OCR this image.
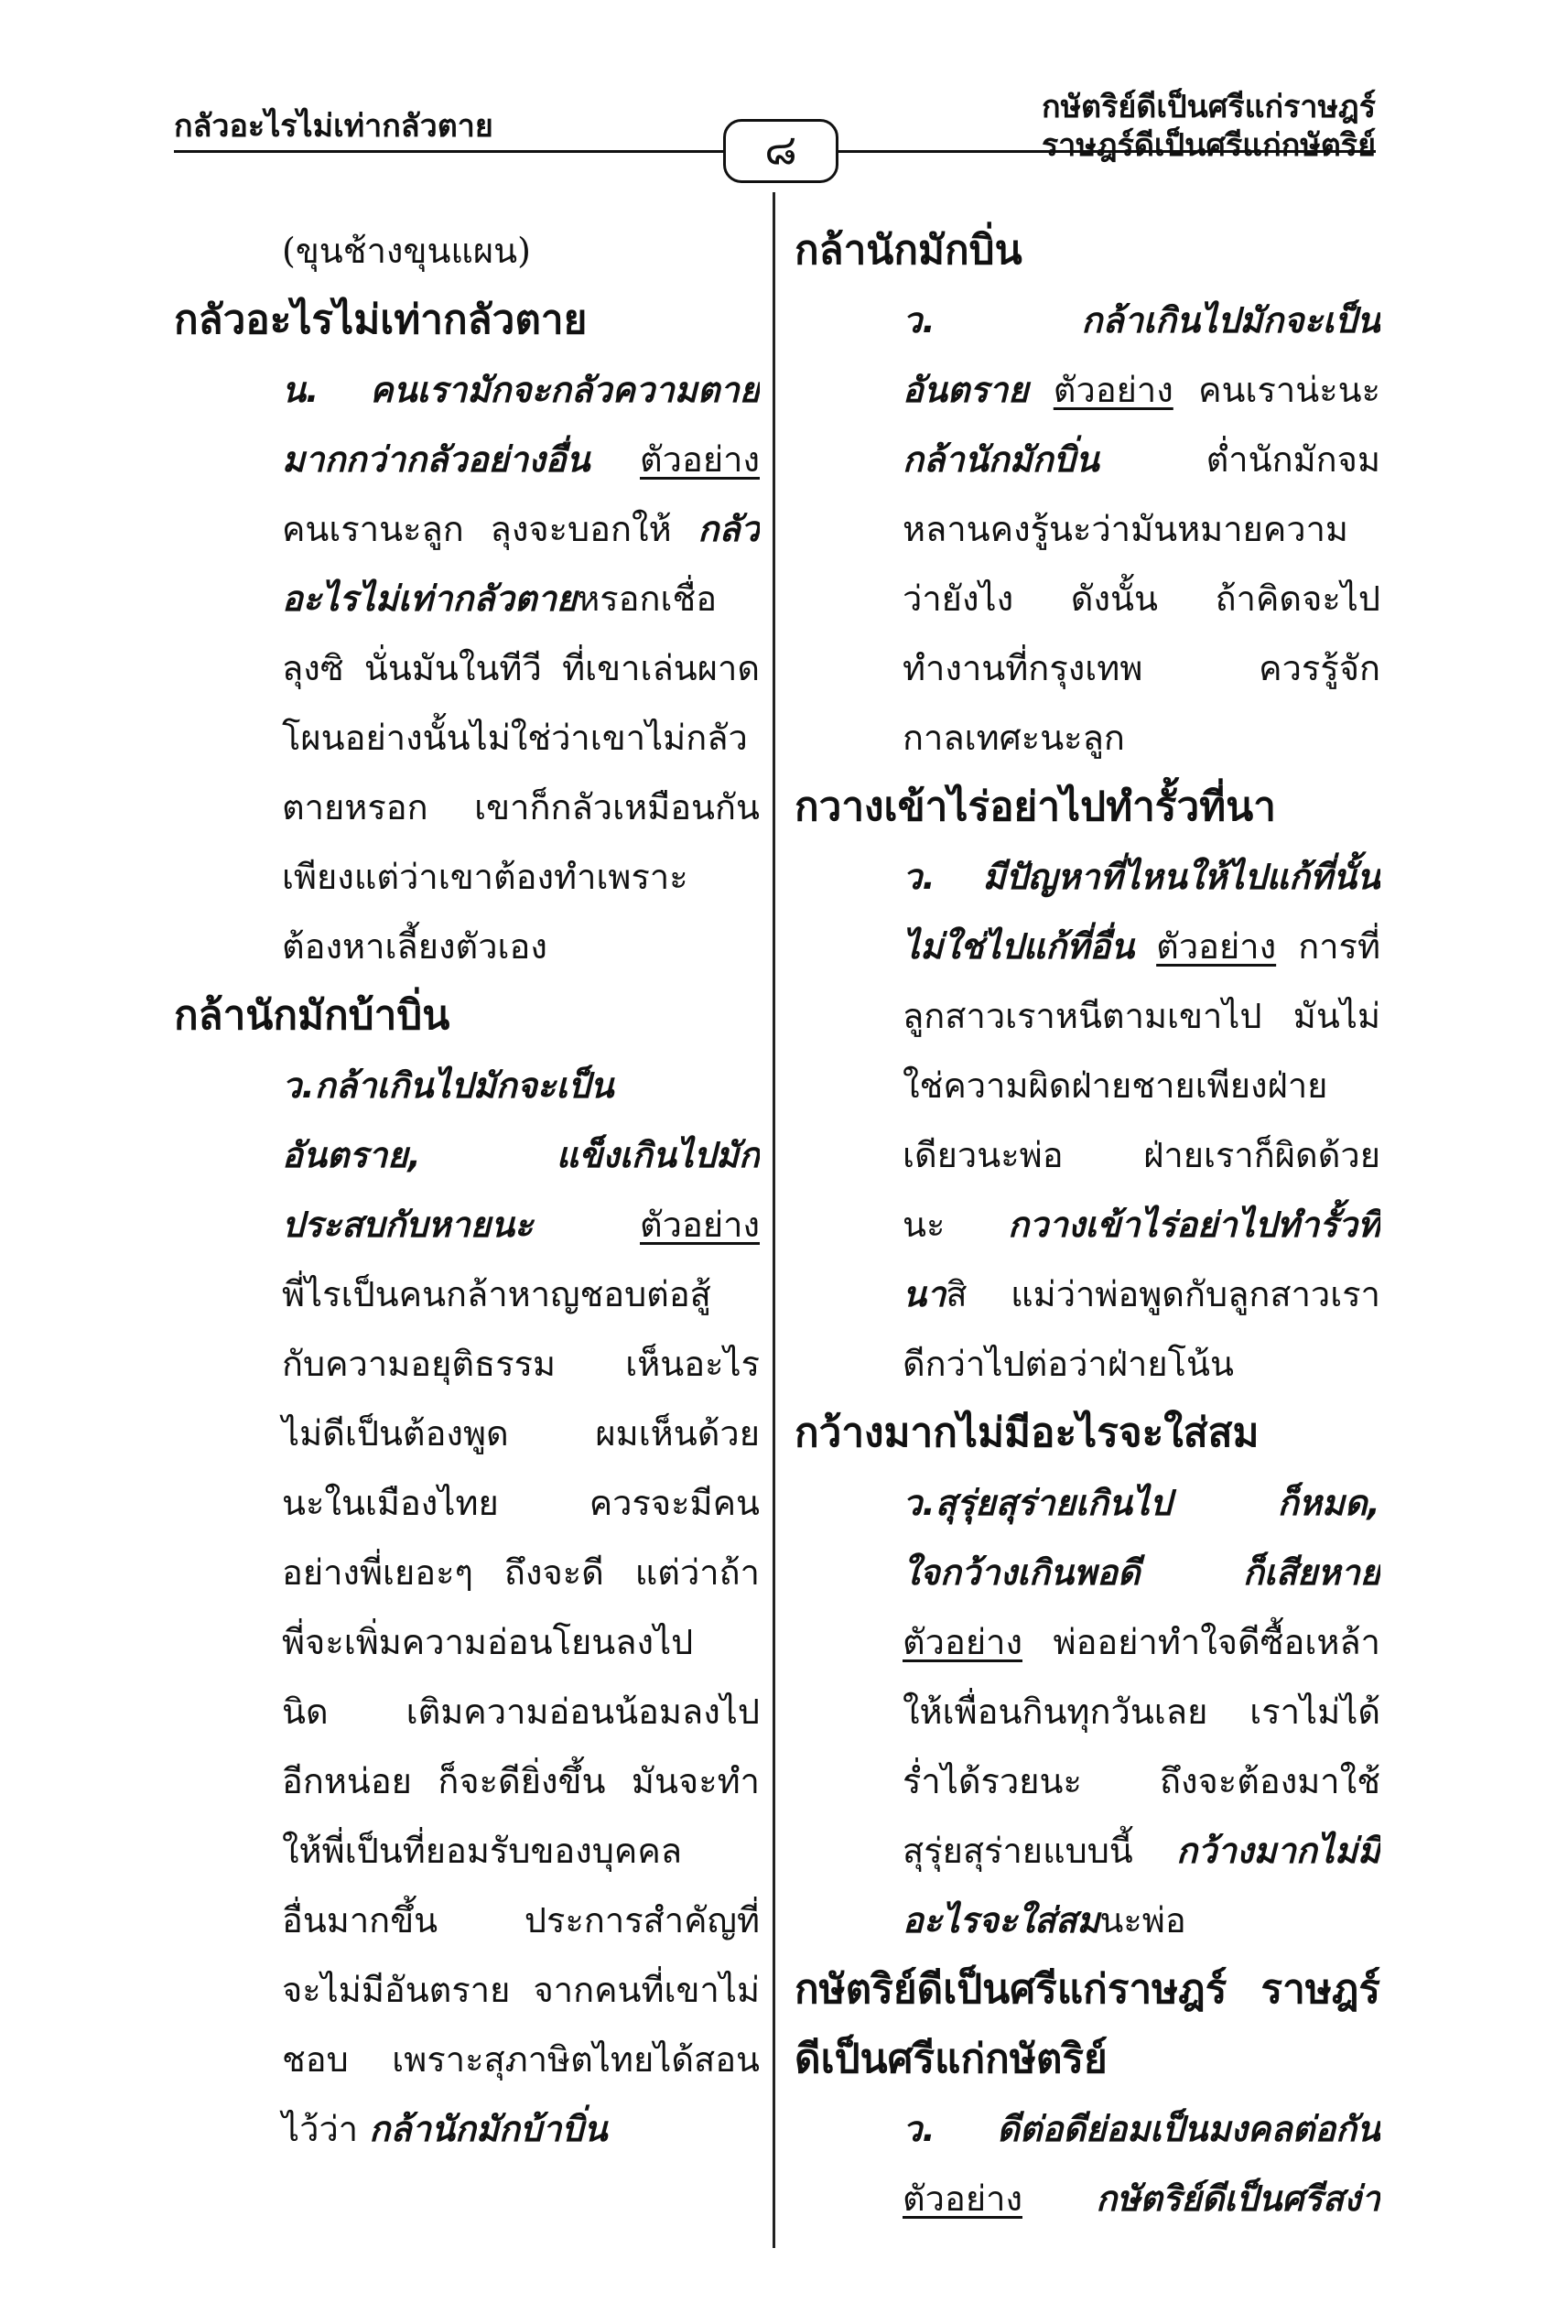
กลัวอะไรไม่เท่ากลัวตาย	๘
กษัตริย์ดีเป็นศรีแก่ราษฎร์
ราษฎร์ดีเป็นศรีแก่กษัตริย์
(ขุนช้างขุนแผน)
กลัวอะไรไม่เท่ากลัวตาย
น. คนเรามักจะกลัวความตาย
มากกว่ากลัวอย่างอื่น ตัวอย่าง
คนเรานะลูก ลุงจะบอกให้ กลัว
อะไรไม่เท่ากลัวตายหรอกเชื่อ
ลุงซิ นั่นมันในทีวี ที่เขาเล่นผาด
โผนอย่างนั้นไม่ใช่ว่าเขาไม่กลัว
ตายหรอก เขาก็กลัวเหมือนกัน
เพียงแต่ว่าเขาต้องทำเพราะ
ต้องหาเลี้ยงตัวเอง
กล้านักมักบ้าบิ่น
ว.กล้าเกินไปมักจะเป็น
อันตราย, แข็งเกินไปมัก
ประสบกับหายนะ	ตัวอย่าง
พี่ไรเป็นคนกล้าหาญชอบต่อสู้
กับความอยุติธรรม เห็นอะไร
ไม่ดีเป็นต้องพูด ผมเห็นด้วย
นะในเมืองไทย ควรจะมีคน
อย่างพี่เยอะๆ ถึงจะดี แต่ว่าถ้า
พี่จะเพิ่มความอ่อนโยนลงไป
นิด เติมความอ่อนน้อมลงไป
อีกหน่อย ก็จะดียิ่งขึ้น มันจะทำ
ให้พี่เป็นที่ยอมรับของบุคคล
อื่นมากขึ้น ประการสำคัญที่
จะไม่มีอันตราย จากคนที่เขาไม่
ชอบ เพราะสุภาษิตไทยได้สอน
ไว้ว่า กล้านักมักบ้าบิ่น
กล้านักมักบิ่น
ว. กล้าเกินไปมักจะเป็น
อันตราย ตัวอย่าง คนเราน่ะนะ
กล้านักมักบิ่น	ต่ำนักมักจม
หลานคงรู้นะว่ามันหมายความ
ว่ายังไง ดังนั้น ถ้าคิดจะไป
ทำงานที่กรุงเทพ ควรรู้จัก
กาลเทศะนะลูก
กวางเข้าไร่อย่าไปทำรั้วที่นา
ว. มีปัญหาที่ไหนให้ไปแก้ที่นั้น
ไม่ใช่ไปแก้ที่อื่น ตัวอย่าง การที่
ลูกสาวเราหนีตามเขาไป มันไม่
ใช่ความผิดฝ่ายชายเพียงฝ่าย
เดียวนะพ่อ ฝ่ายเราก็ผิดด้วย
นะ กวางเข้าไร่อย่าไปทำรั้วที่
นาสิ แม่ว่าพ่อพูดกับลูกสาวเรา
ดีกว่าไปต่อว่าฝ่ายโน้น
กว้างมากไม่มีอะไรจะใส่สม
ว.สุรุ่ยสุร่ายเกินไป ก็หมด,
ใจกว้างเกินพอดี ก็เสียหาย
ตัวอย่าง พ่ออย่าทำใจดีซื้อเหล้า
ให้เพื่อนกินทุกวันเลย เราไม่ได้
ร่ำได้รวยนะ ถึงจะต้องมาใช้
สุรุ่ยสุร่ายแบบนี้ กว้างมากไม่มี
อะไรจะใส่สมนะพ่อ
กษัตริย์ดีเป็นศรีแก่ราษฎร์ ราษฎร์
ดีเป็นศรีแก่กษัตริย์
ว. ดีต่อดีย่อมเป็นมงคลต่อกัน
ตัวอย่าง กษัตริย์ดีเป็นศรีสง่า
